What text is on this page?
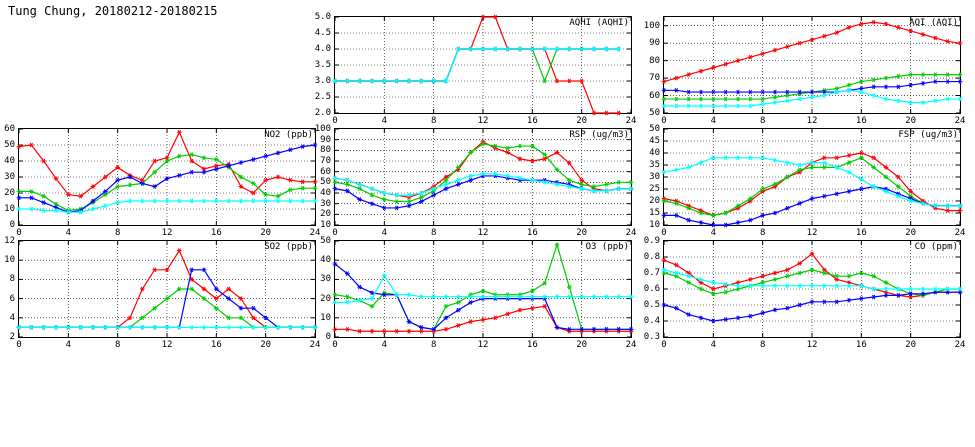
Tung Chung, 20180212-20180215
AQHI (AQHI)
0	4	8	12	16	20	24
2.0
2.5
3.0
3.5
4.0
4.5
5.0
AQI (AQI)
0	4	8	12	16	20	24
50
60
70
80
90
100
NO2 (ppb)
0	4	8	12	16	20	24
0
10
20
30
40
50
60
RSP (ug/m3)
0	4	8	12	16	20	24
10
20
30
40
50
60
70
80
90
100
FSP (ug/m3)
0	4	8	12	16	20	24
10
15
20
25
30
35
40
45
50
SO2 (ppb)
0	4	8	12	16	20	24
2
4
6
8
10
12
O3 (ppb)
0	4	8	12	16	20	24
0
10
20
30
40
50
CO (ppm)
0	4	8	12	16	20	24
0.3
0.4
0.5
0.6
0.7
0.8
0.9
